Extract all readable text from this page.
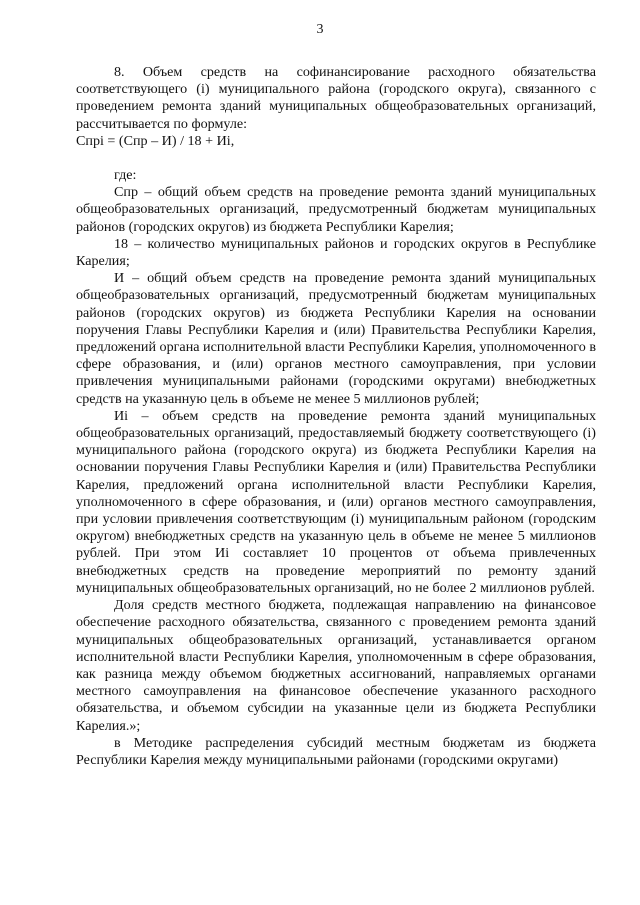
3

8. Объем средств на софинансирование расходного обязательства соответствующего (i) муниципального района (городского округа), связанного с проведением ремонта зданий муниципальных общеобразовательных организаций, рассчитывается по формуле:

Спрi = (Спр – И) / 18 + Иi,

где:

Спр – общий объем средств на проведение ремонта зданий муниципальных общеобразовательных организаций, предусмотренный бюджетам муниципальных районов (городских округов) из бюджета Республики Карелия;

18 – количество муниципальных районов и городских округов в Республике Карелия;

И – общий объем средств на проведение ремонта зданий муниципальных общеобразовательных организаций, предусмотренный бюджетам муниципальных районов (городских округов) из бюджета Республики Карелия на основании поручения Главы Республики Карелия и (или) Правительства Республики Карелия, предложений органа исполнительной власти Республики Карелия, уполномоченного в сфере образования, и (или) органов местного самоуправления, при условии привлечения муниципальными районами (городскими округами) внебюджетных средств на указанную цель в объеме не менее 5 миллионов рублей;

Иi – объем средств на проведение ремонта зданий муниципальных общеобразовательных организаций, предоставляемый бюджету соответствующего (i) муниципального района (городского округа) из бюджета Республики Карелия на основании поручения Главы Республики Карелия и (или) Правительства Республики Карелия, предложений органа исполнительной власти Республики Карелия, уполномоченного в сфере образования, и (или) органов местного самоуправления, при условии привлечения соответствующим (i) муниципальным районом (городским округом) внебюджетных средств на указанную цель в объеме не менее 5 миллионов рублей. При этом Иi составляет 10 процентов от объема привлеченных внебюджетных средств на проведение мероприятий по ремонту зданий муниципальных общеобразовательных организаций, но не более 2 миллионов рублей.

Доля средств местного бюджета, подлежащая направлению на финансовое обеспечение расходного обязательства, связанного с проведением ремонта зданий муниципальных общеобразовательных организаций, устанавливается органом исполнительной власти Республики Карелия, уполномоченным в сфере образования, как разница между объемом бюджетных ассигнований, направляемых органами местного самоуправления на финансовое обеспечение указанного расходного обязательства, и объемом субсидии на указанные цели из бюджета Республики Карелия.»;

в Методике распределения субсидий местным бюджетам из бюджета Республики Карелия между муниципальными районами (городскими округами)
